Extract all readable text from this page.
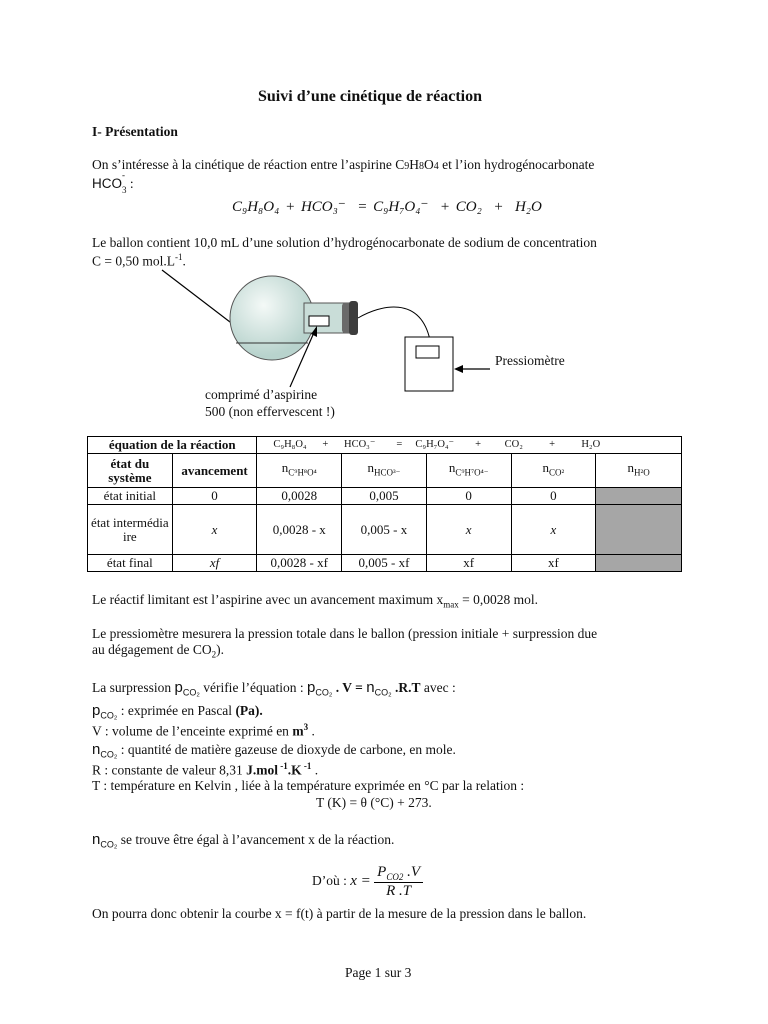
Suivi d’une cinétique de réaction
I- Présentation
On s’intéresse à la cinétique de réaction entre l’aspirine C9H8O4 et l’ion hydrogénocarbonate
$HCO_3$
-
:
C₉H₈O₄ + HCO₃⁻ = C₉H₇O₄⁻ + CO₂ + H₂O
Le ballon contient 10,0 mL d’une solution d’hydrogénocarbonate de sodium de concentration
C = 0,50 $mol.L^{-1}$.
Pressiomètre
comprimé d’aspirine
500 (non effervescent !)
équation de la réaction		C₉H₈O₄ + HCO₃⁻ = C₉H₇O₄⁻ + CO₂ + H₂O				
état du système	avancement	$n_{C^9H^8O^4}$	$n_{HCO^{3-}}$	$n_{C^9H^7O^{4-}}$	$n_{CO^2}$	$n_{H^2O}$
état initial	0	0,0028	0,005	0	0	
état intermédiaire	x	0,0028 - x	0,005 - x	x	x	
état final	xf	0,0028 - xf	0,005 - xf	xf	xf	
Le réactif limitant est l’aspirine avec un avancement maximum $x_{max} = 0,0028$ mol.
Le pressiomètre mesurera la pression totale dans le ballon (pression initiale + surpression due
au dégagement de $CO_2$).
La surpression $p_{CO_2}$ vérifie l’équation : $p_{CO_2}$ . $V = n_{CO_2}$ .R.T avec :
$p_{CO_2}$ : exprimée en Pascal (Pa).
V : volume de l’enceinte exprimé en $m^3$ .
$n_{CO_2}$ : quantité de matière gazeuse de dioxyde de carbone, en mole.
R : constante de valeur 8,31 J.mol $^{-1}$.K $^{-1}$ .
T : température en Kelvin , liée à la température exprimée en °C par la relation :
T (K) = θ (°C) + 273.
$n_{CO_2}$ se trouve être égal à l’avancement x de la réaction.
D’où : $x = \frac{P_{CO2} .V}{R .T}$
On pourra donc obtenir la courbe x = f(t) à partir de la mesure de la pression dans le ballon.
Page 1 sur 3
